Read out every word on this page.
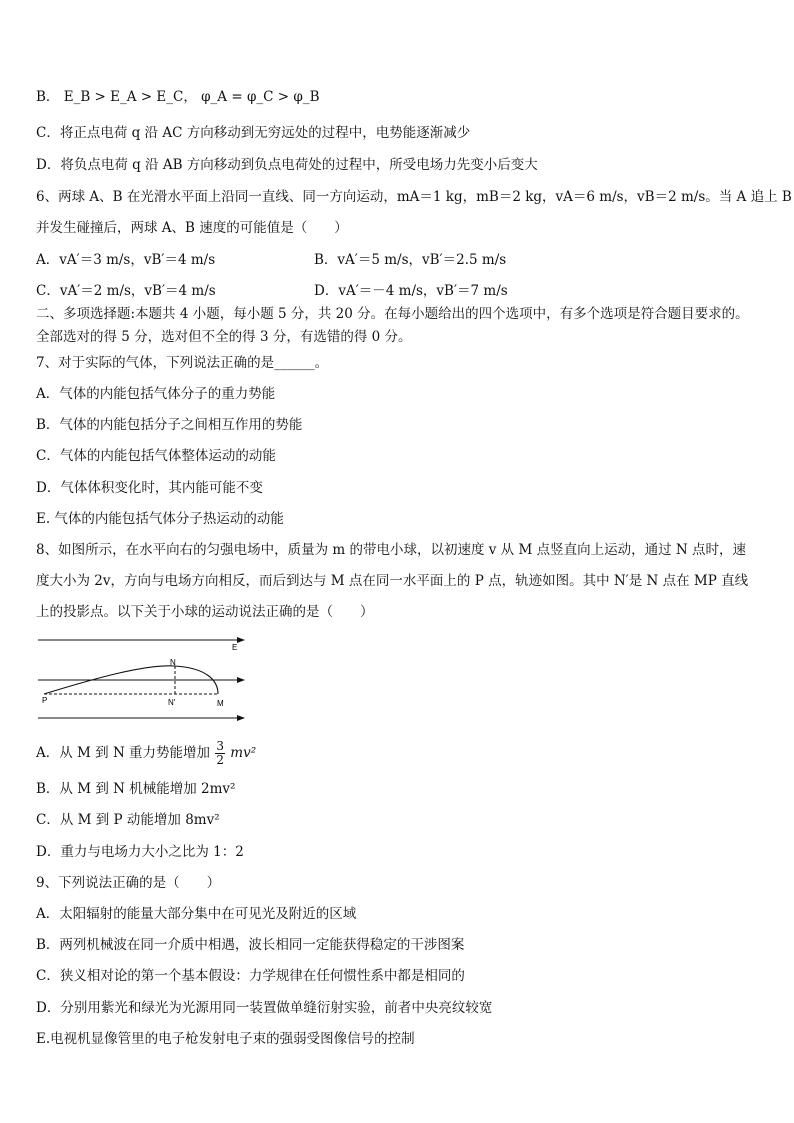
B． E_B > E_A > E_C， φ_A = φ_C > φ_B
C．将正点电荷 q 沿 AC 方向移动到无穷远处的过程中，电势能逐渐减少
D．将负点电荷 q 沿 AB 方向移动到负点电荷处的过程中，所受电场力先变小后变大
6、两球 A、B 在光滑水平面上沿同一直线、同一方向运动，mA＝1 kg，mB＝2 kg，vA＝6 m/s，vB＝2 m/s。当 A 追上 B
并发生碰撞后，两球 A、B 速度的可能值是（　　）
A．vA′＝3 m/s，vB′＝4 m/s	B．vA′＝5 m/s，vB′＝2.5 m/s
C．vA′＝2 m/s，vB′＝4 m/s	D．vA′＝－4 m/s，vB′＝7 m/s
二、多项选择题:本题共 4 小题，每小题 5 分，共 20 分。在每小题给出的四个选项中，有多个选项是符合题目要求的。
全部选对的得 5 分，选对但不全的得 3 分，有选错的得 0 分。
7、对于实际的气体，下列说法正确的是______。
A．气体的内能包括气体分子的重力势能
B．气体的内能包括分子之间相互作用的势能
C．气体的内能包括气体整体运动的动能
D．气体体积变化时，其内能可能不变
E. 气体的内能包括气体分子热运动的动能
8、如图所示，在水平向右的匀强电场中，质量为 m 的带电小球，以初速度 v 从 M 点竖直向上运动，通过 N 点时，速
度大小为 2v，方向与电场方向相反，而后到达与 M 点在同一水平面上的 P 点，轨迹如图。其中 N′是 N 点在 MP 直线
上的投影点。以下关于小球的运动说法正确的是（　　）
E
N
N′
P	M
A．从 M 到 N 重力势能增加 $\frac{3}{2} mv^2$
B．从 M 到 N 机械能增加 2mv²
C．从 M 到 P 动能增加 8mv²
D．重力与电场力大小之比为 1：2
9、下列说法正确的是（　　）
A．太阳辐射的能量大部分集中在可见光及附近的区域
B．两列机械波在同一介质中相遇，波长相同一定能获得稳定的干涉图案
C．狭义相对论的第一个基本假设：力学规律在任何惯性系中都是相同的
D．分别用紫光和绿光为光源用同一装置做单缝衍射实验，前者中央亮纹较宽
E.电视机显像管里的电子枪发射电子束的强弱受图像信号的控制
